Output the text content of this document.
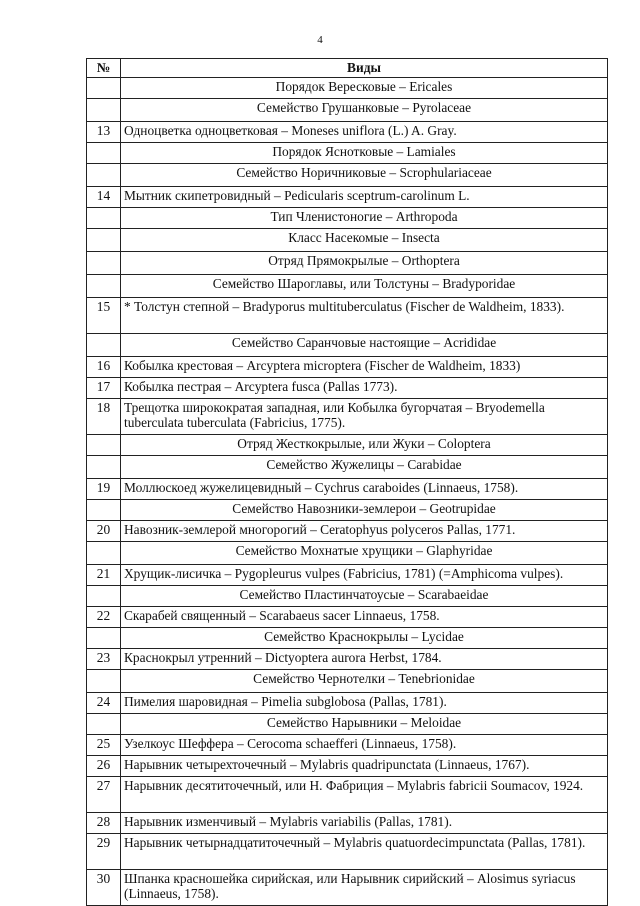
4
№	Виды
	Порядок Вересковые – Ericales
	Семейство Грушанковые – Pyrolaceae
13	Одноцветка одноцветковая – Moneses uniflora (L.) A. Gray.
	Порядок Яснотковые – Lamiales
	Семейство Норичниковые – Scrophulariaceae
14	Мытник скипетровидный – Pedicularis sceptrum-carolinum L.
	Тип Членистоногие – Arthropoda
	Класс Насекомые – Insecta
	Отряд Прямокрылые – Orthoptera
	Семейство Шароглавы, или Толстуны – Bradyporidae
15	* Толстун степной – Bradyporus multituberculatus (Fischer de Waldheim, 1833).
	Семейство Саранчовые настоящие – Acrididae
16	Кобылка крестовая – Arcyptera microptera (Fischer de Waldheim, 1833)
17	Кобылка пестрая – Arcyptera fusca (Pallas 1773).
18	Трещотка широкократая западная, или Кобылка бугорчатая – Bryodemella tuberculata tuberculata (Fabricius, 1775).
	Отряд Жесткокрылые, или Жуки – Coloptera
	Семейство Жужелицы – Carabidae
19	Моллюскоед жужелицевидный – Cychrus caraboides (Linnaeus, 1758).
	Семейство Навозники-землерои – Geotrupidae
20	Навозник-землерой многорогий – Ceratophyus polyceros Pallas, 1771.
	Семейство Мохнатые хрущики – Glaphyridae
21	Хрущик-лисичка – Pygopleurus vulpes (Fabricius, 1781) (=Amphicoma vulpes).
	Семейство Пластинчатоусые – Scarabaeidae
22	Скарабей священный – Scarabaeus sacer Linnaeus, 1758.
	Семейство Краснокрылы – Lycidae
23	Краснокрыл утренний – Dictyoptera aurora Herbst, 1784.
	Семейство Чернотелки – Tenebrionidae
24	Пимелия шаровидная – Pimelia subglobosa (Pallas, 1781).
	Семейство Нарывники – Meloidae
25	Узелкоус Шеффера – Cerocoma schaefferi (Linnaeus, 1758).
26	Нарывник четырехточечный – Mylabris quadripunctata (Linnaeus, 1767).
27	Нарывник десятиточечный, или Н. Фабриция – Mylabris fabricii Soumacov, 1924.
28	Нарывник изменчивый – Mylabris variabilis (Pallas, 1781).
29	Нарывник четырнадцатиточечный – Mylabris quatuordecimpunctata (Pallas, 1781).
30	Шпанка красношейка сирийская, или Нарывник сирийский – Alosimus syriacus (Linnaeus, 1758).
